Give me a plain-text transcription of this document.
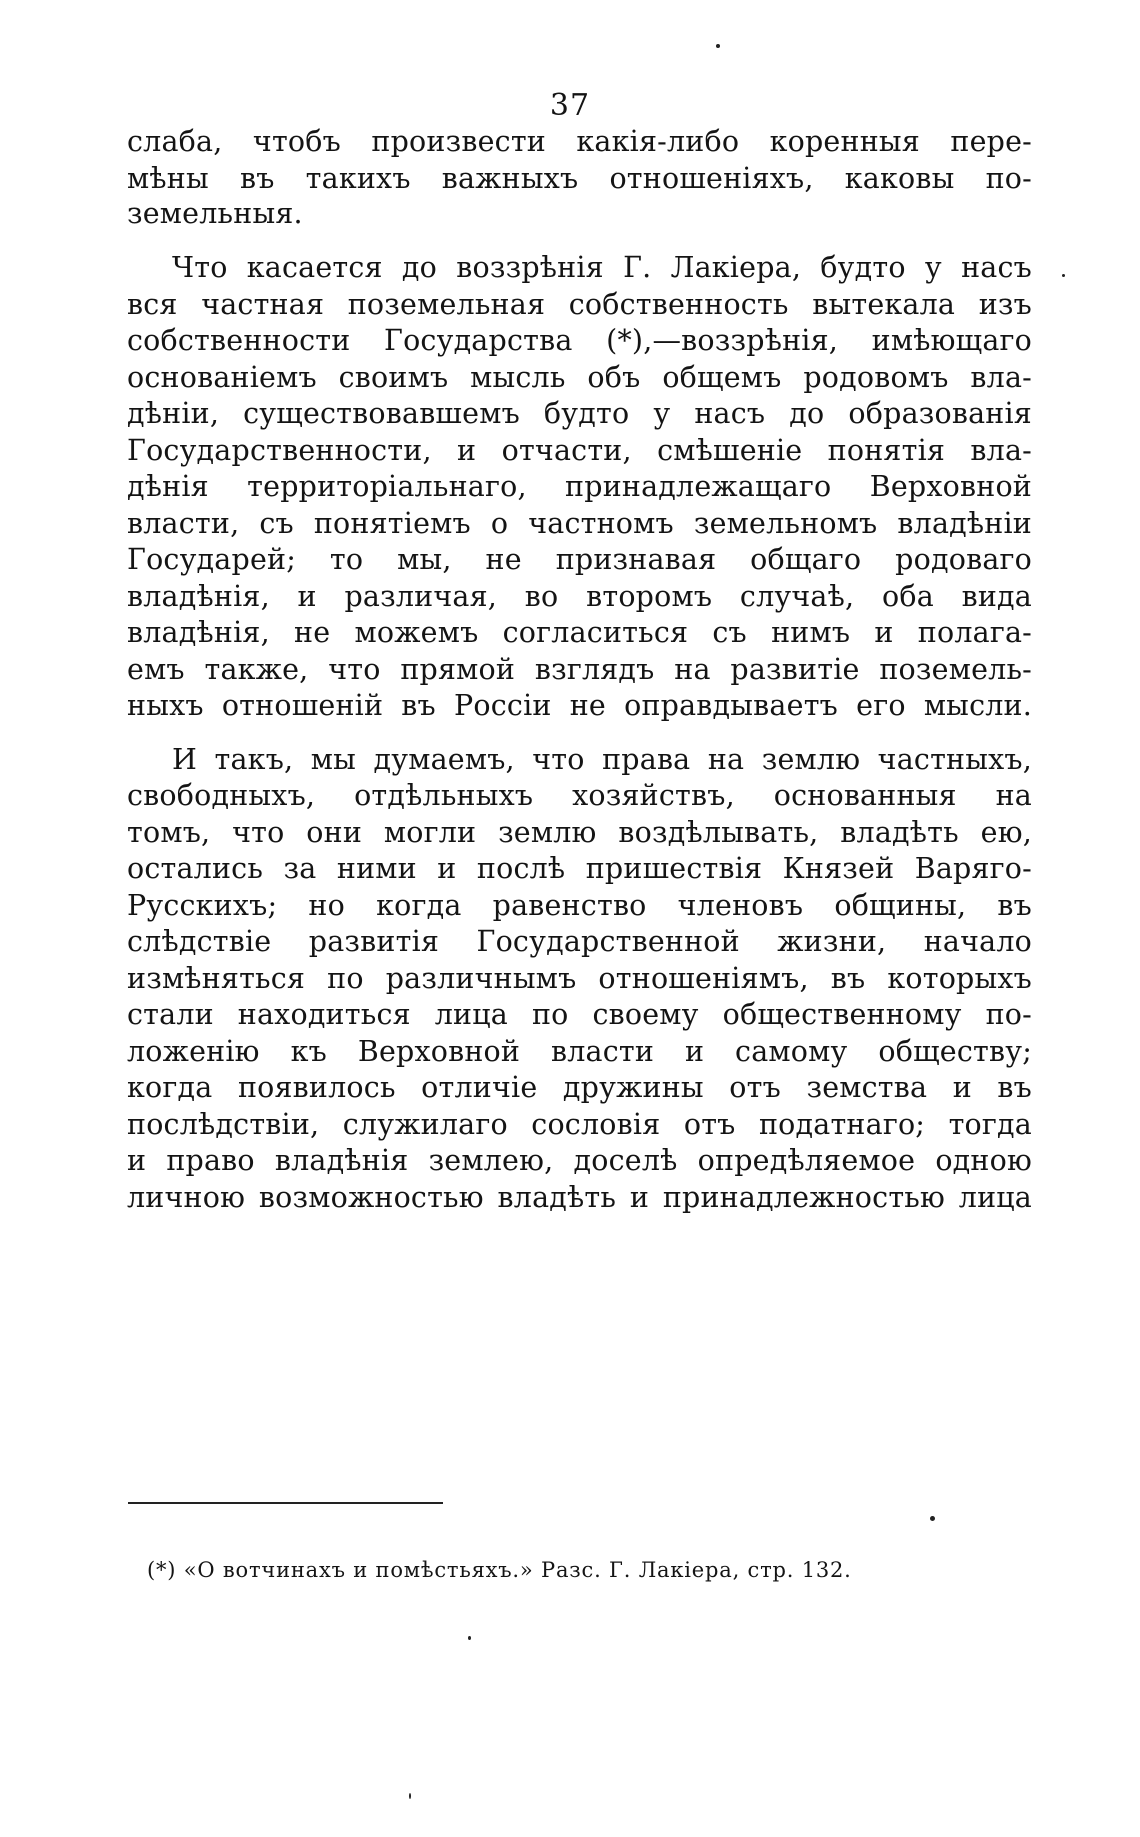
37
слаба, чтобъ произвести какія-либо коренныя пере-
мѣны въ такихъ важныхъ отношеніяхъ, каковы по-
земельныя.
Что касается до воззрѣнія Г. Лакіера, будто у насъ
вся частная поземельная собственность вытекала изъ
собственности Государства (*),—воззрѣнія, имѣющаго
основаніемъ своимъ мысль объ общемъ родовомъ вла-
дѣніи, существовавшемъ будто у насъ до образованія
Государственности, и отчасти, смѣшеніе понятія вла-
дѣнія территоріальнаго, принадлежащаго Верховной
власти, съ понятіемъ о частномъ земельномъ владѣніи
Государей; то мы, не признавая общаго родоваго
владѣнія, и различая, во второмъ случаѣ, оба вида
владѣнія, не можемъ согласиться съ нимъ и полага-
емъ также, что прямой взглядъ на развитіе поземель-
ныхъ отношеній въ Россіи не оправдываетъ его мысли.
И такъ, мы думаемъ, что права на землю частныхъ,
свободныхъ, отдѣльныхъ хозяйствъ, основанныя на
томъ, что они могли землю воздѣлывать, владѣть ею,
остались за ними и послѣ пришествія Князей Варяго-
Русскихъ; но когда равенство членовъ общины, въ
слѣдствіе развитія Государственной жизни, начало
измѣняться по различнымъ отношеніямъ, въ которыхъ
стали находиться лица по своему общественному по-
ложенію къ Верховной власти и самому обществу;
когда появилось отличіе дружины отъ земства и въ
послѣдствіи, служилаго сословія отъ податнаго; тогда
и право владѣнія землею, доселѣ опредѣляемое одною
личною возможностью владѣть и принадлежностью лица
(*) «О вотчинахъ и помѣстьяхъ.» Разс. Г. Лакіера, стр. 132.
